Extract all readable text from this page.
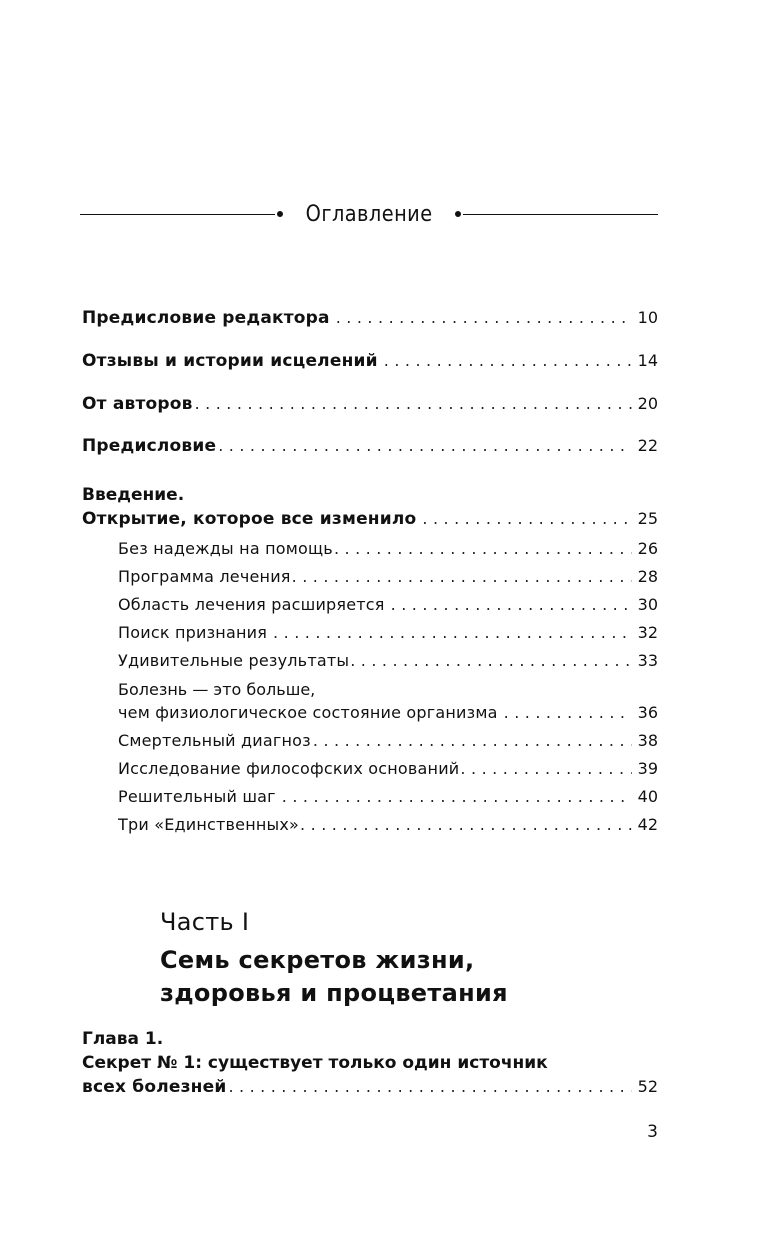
Оглавление
Предисловие редактора . . .	10
Отзывы и истории исцелений . . .	14
От авторов . . .	20
Предисловие . . .	22
Введение.
Открытие, которое все изменило . . .	25
Без надежды на помощь . . .	26
Программа лечения . . .	28
Область лечения расширяется . . .	30
Поиск признания . . .	32
Удивительные результаты . . .	33
Болезнь — это больше,
чем физиологическое состояние организма . . .	36
Смертельный диагноз . . .	38
Исследование философских оснований . . .	39
Решительный шаг . . .	40
Три «Единственных» . . .	42
Часть I
Семь секретов жизни,
здоровья и процветания
Глава 1.
Секрет № 1: существует только один источник
всех болезней . . .	52
3
